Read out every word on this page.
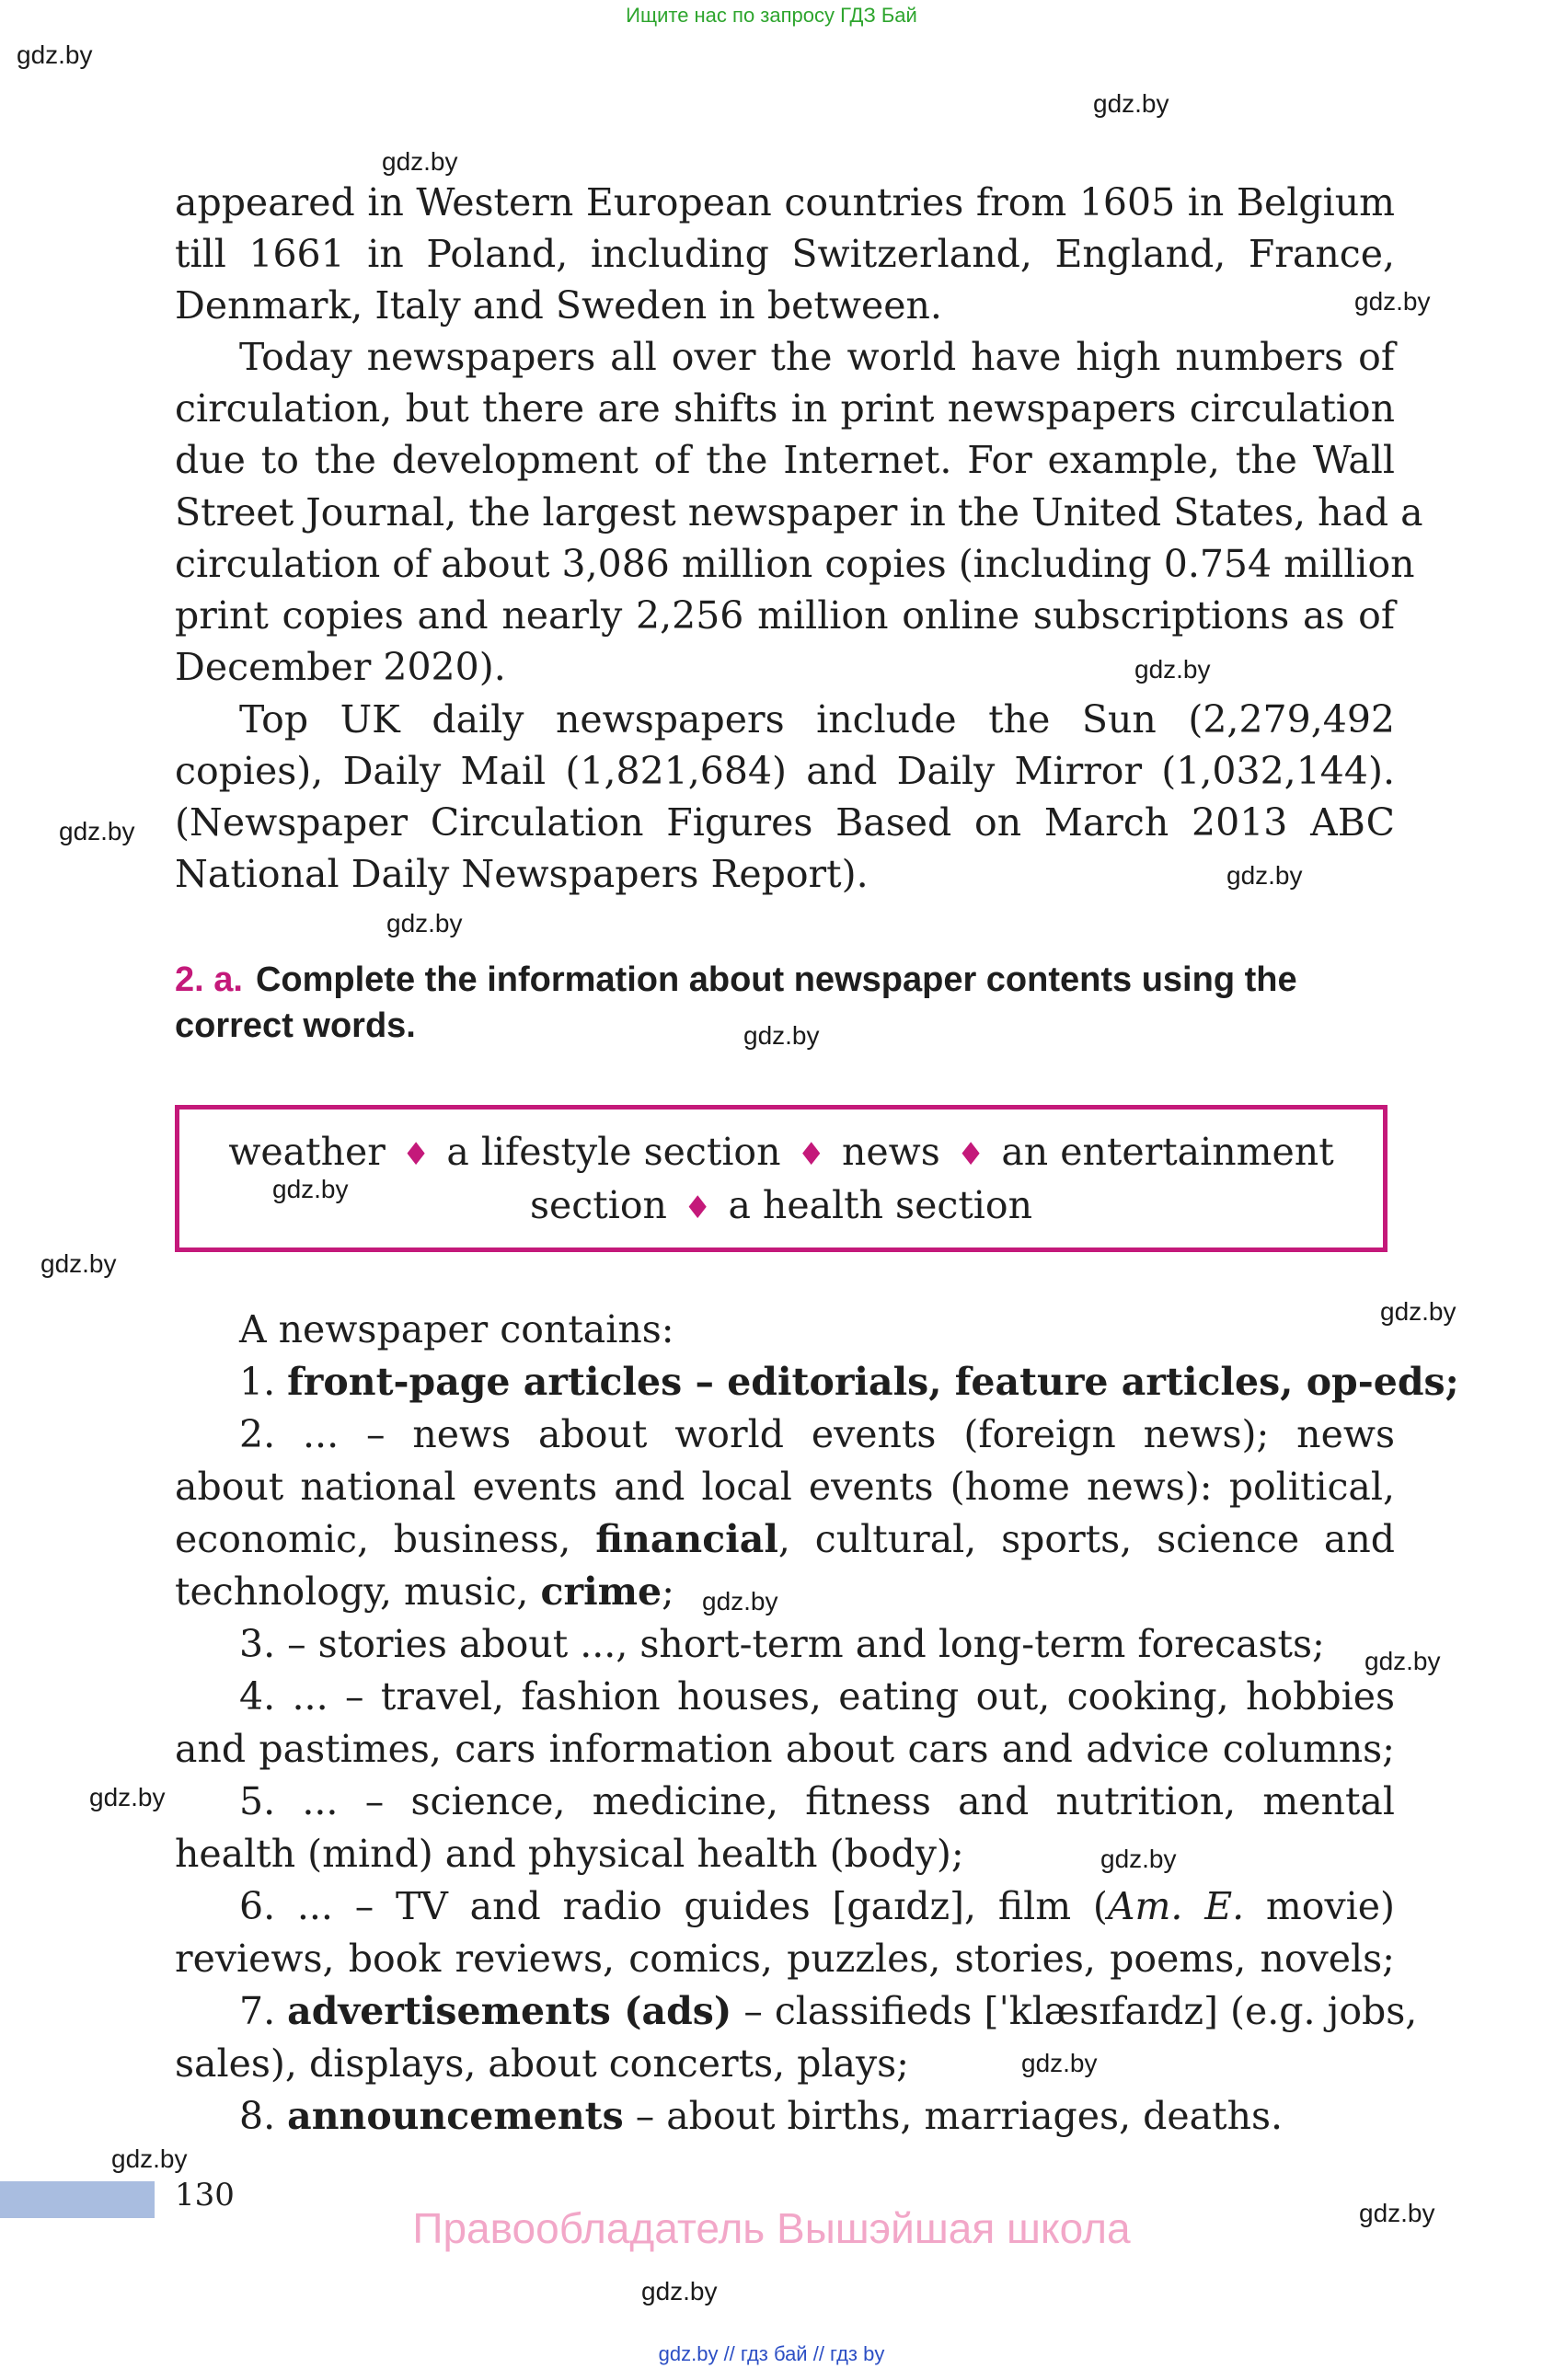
Ищите нас по запросу ГДЗ Бай
gdz.by
gdz.by
gdz.by
gdz.by
gdz.by
gdz.by
gdz.by
gdz.by
gdz.by
gdz.by
gdz.by
gdz.by
gdz.by
gdz.by
gdz.by
gdz.by
gdz.by
gdz.by
gdz.by
gdz.by
appeared in Western European countries from 1605 in Belgium
till 1661 in Poland, including Switzerland, England, France,
Denmark, Italy and Sweden in between.
Today newspapers all over the world have high numbers of
circulation, but there are shifts in print newspapers circulation
due to the development of the Internet. For example, the Wall
Street Journal, the largest newspaper in the United States, had a
circulation of about 3,086 million copies (including 0.754 million
print copies and nearly 2,256 million online subscriptions as of
December 2020).
Top UK daily newspapers include the Sun (2,279,492
copies), Daily Mail (1,821,684) and Daily Mirror (1,032,144).
(Newspaper Circulation Figures Based on March 2013 ABC
National Daily Newspapers Report).
2. a. Complete the information about newspaper contents using the
correct words.
weather ♦ a lifestyle section ♦ news ♦ an entertainment
section ♦ a health section
A newspaper contains:
1. front-page articles – editorials, feature articles, op-eds;
2. ... – news about world events (foreign news); news
about national events and local events (home news): political,
economic, business, financial, cultural, sports, science and
technology, music, crime;
3. – stories about ..., short-term and long-term forecasts;
4. ... – travel, fashion houses, eating out, cooking, hobbies
and pastimes, cars information about cars and advice columns;
5. ... – science, medicine, fitness and nutrition, mental
health (mind) and physical health (body);
6. ... – TV and radio guides [gaɪdz], film (Am. E. movie)
reviews, book reviews, comics, puzzles, stories, poems, novels;
7. advertisements (ads) – classifieds [ˈklæsɪfaɪdz] (e.g. jobs,
sales), displays, about concerts, plays;
8. announcements – about births, marriages, deaths.
130
Правообладатель Вышэйшая школа
gdz.by // гдз бай // гдз by
